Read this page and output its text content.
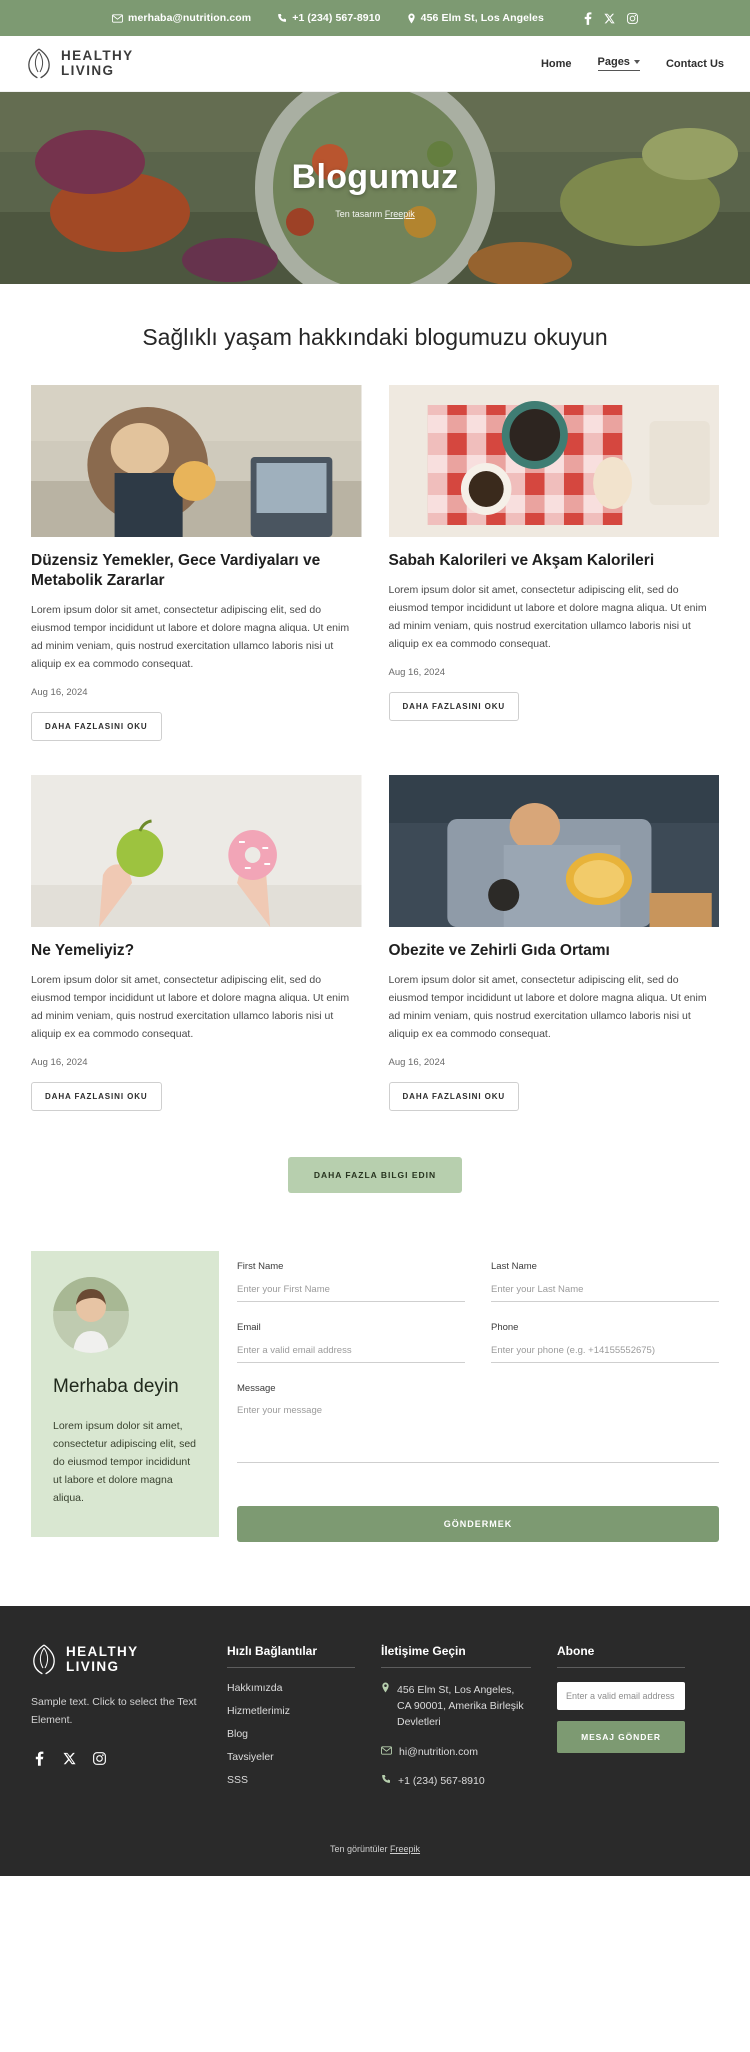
merhaba@nutrition.com	+1 (234) 567-8910	456 Elm St, Los Angeles
HEALTHY
LIVING	Home Pages	Contact Us
Blogumuz
Ten tasarım Freepik
Sağlıklı yaşam hakkındaki blogumuzu okuyun
Düzensiz Yemekler, Gece Vardiyaları ve Metabolik Zararlar
Lorem ipsum dolor sit amet, consectetur adipiscing elit, sed do eiusmod tempor incididunt ut labore et dolore magna aliqua. Ut enim ad minim veniam, quis nostrud exercitation ullamco laboris nisi ut aliquip ex ea commodo consequat.
Aug 16, 2024
DAHA FAZLASINI OKU
Sabah Kalorileri ve Akşam Kalorileri
Lorem ipsum dolor sit amet, consectetur adipiscing elit, sed do eiusmod tempor incididunt ut labore et dolore magna aliqua. Ut enim ad minim veniam, quis nostrud exercitation ullamco laboris nisi ut aliquip ex ea commodo consequat.
Aug 16, 2024
DAHA FAZLASINI OKU
Ne Yemeliyiz?
Lorem ipsum dolor sit amet, consectetur adipiscing elit, sed do eiusmod tempor incididunt ut labore et dolore magna aliqua. Ut enim ad minim veniam, quis nostrud exercitation ullamco laboris nisi ut aliquip ex ea commodo consequat.
Aug 16, 2024
DAHA FAZLASINI OKU
Obezite ve Zehirli Gıda Ortamı
Lorem ipsum dolor sit amet, consectetur adipiscing elit, sed do eiusmod tempor incididunt ut labore et dolore magna aliqua. Ut enim ad minim veniam, quis nostrud exercitation ullamco laboris nisi ut aliquip ex ea commodo consequat.
Aug 16, 2024
DAHA FAZLASINI OKU
DAHA FAZLA BILGI EDIN
Merhaba deyin
Lorem ipsum dolor sit amet, consectetur adipiscing elit, sed do eiusmod tempor incididunt ut labore et dolore magna aliqua.
First Name
Enter your First Name	Last Name
Enter your Last Name
Email
Enter a valid email address	Phone
Enter your phone (e.g. +14155552675)
Message
Enter your message
GÖNDERMEK
HEALTHY
LIVING
Sample text. Click to select the Text Element.
Hızlı Bağlantılar
Hakkımızda
Hizmetlerimiz
Blog
Tavsiyeler
SSS
İletişime Geçin
456 Elm St, Los Angeles, CA 90001, Amerika Birleşik Devletleri
hi@nutrition.com
+1 (234) 567-8910
Abone
Enter a valid email address MESAJ GÖNDER
Ten görüntüler Freepik
